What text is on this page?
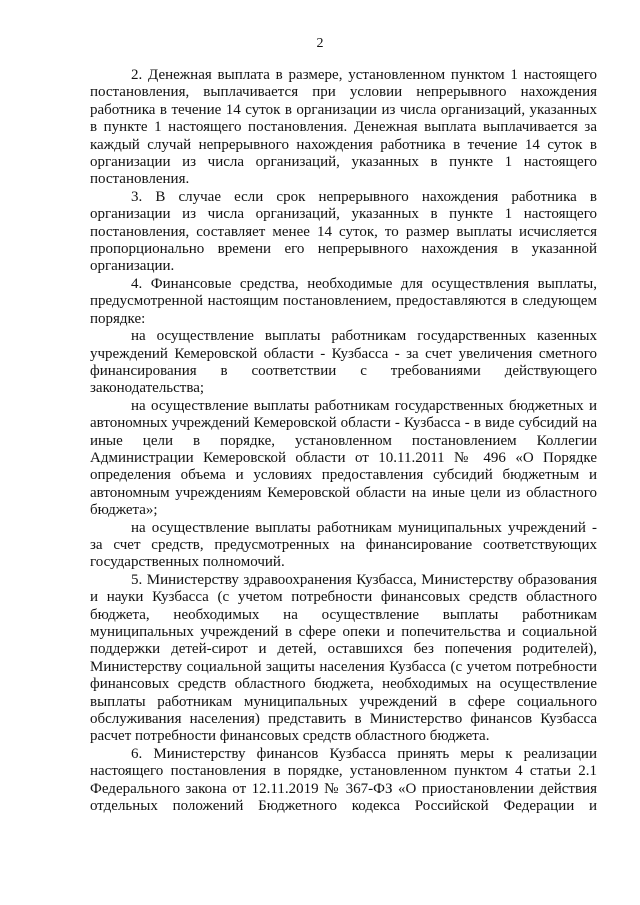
2

2. Денежная выплата в размере, установленном пунктом 1 настоящего постановления, выплачивается при условии непрерывного нахождения работника в течение 14 суток в организации из числа организаций, указанных в пункте 1 настоящего постановления. Денежная выплата выплачивается за каждый случай непрерывного нахождения работника в течение 14 суток в организации из числа организаций, указанных в пункте 1 настоящего постановления.

3. В случае если срок непрерывного нахождения работника в организации из числа организаций, указанных в пункте 1 настоящего постановления, составляет менее 14 суток, то размер выплаты исчисляется пропорционально времени его непрерывного нахождения в указанной организации.

4. Финансовые средства, необходимые для осуществления выплаты, предусмотренной настоящим постановлением, предоставляются в следующем порядке:

на осуществление выплаты работникам государственных казенных учреждений Кемеровской области - Кузбасса - за счет увеличения сметного финансирования в соответствии с требованиями действующего законодательства;

на осуществление выплаты работникам государственных бюджетных и автономных учреждений Кемеровской области - Кузбасса - в виде субсидий на иные цели в порядке, установленном постановлением Коллегии Администрации Кемеровской области от 10.11.2011 № 496 «О Порядке определения объема и условиях предоставления субсидий бюджетным и автономным учреждениям Кемеровской области на иные цели из областного бюджета»;

на осуществление выплаты работникам муниципальных учреждений - за счет средств, предусмотренных на финансирование соответствующих государственных полномочий.

5. Министерству здравоохранения Кузбасса, Министерству образования и науки Кузбасса (с учетом потребности финансовых средств областного бюджета, необходимых на осуществление выплаты работникам муниципальных учреждений в сфере опеки и попечительства и социальной поддержки детей-сирот и детей, оставшихся без попечения родителей), Министерству социальной защиты населения Кузбасса (с учетом потребности финансовых средств областного бюджета, необходимых на осуществление выплаты работникам муниципальных учреждений в сфере социального обслуживания населения) представить в Министерство финансов Кузбасса расчет потребности финансовых средств областного бюджета.

6. Министерству финансов Кузбасса принять меры к реализации настоящего постановления в порядке, установленном пунктом 4 статьи 2.1 Федерального закона от 12.11.2019 № 367-ФЗ «О приостановлении действия отдельных положений Бюджетного кодекса Российской Федерации и
